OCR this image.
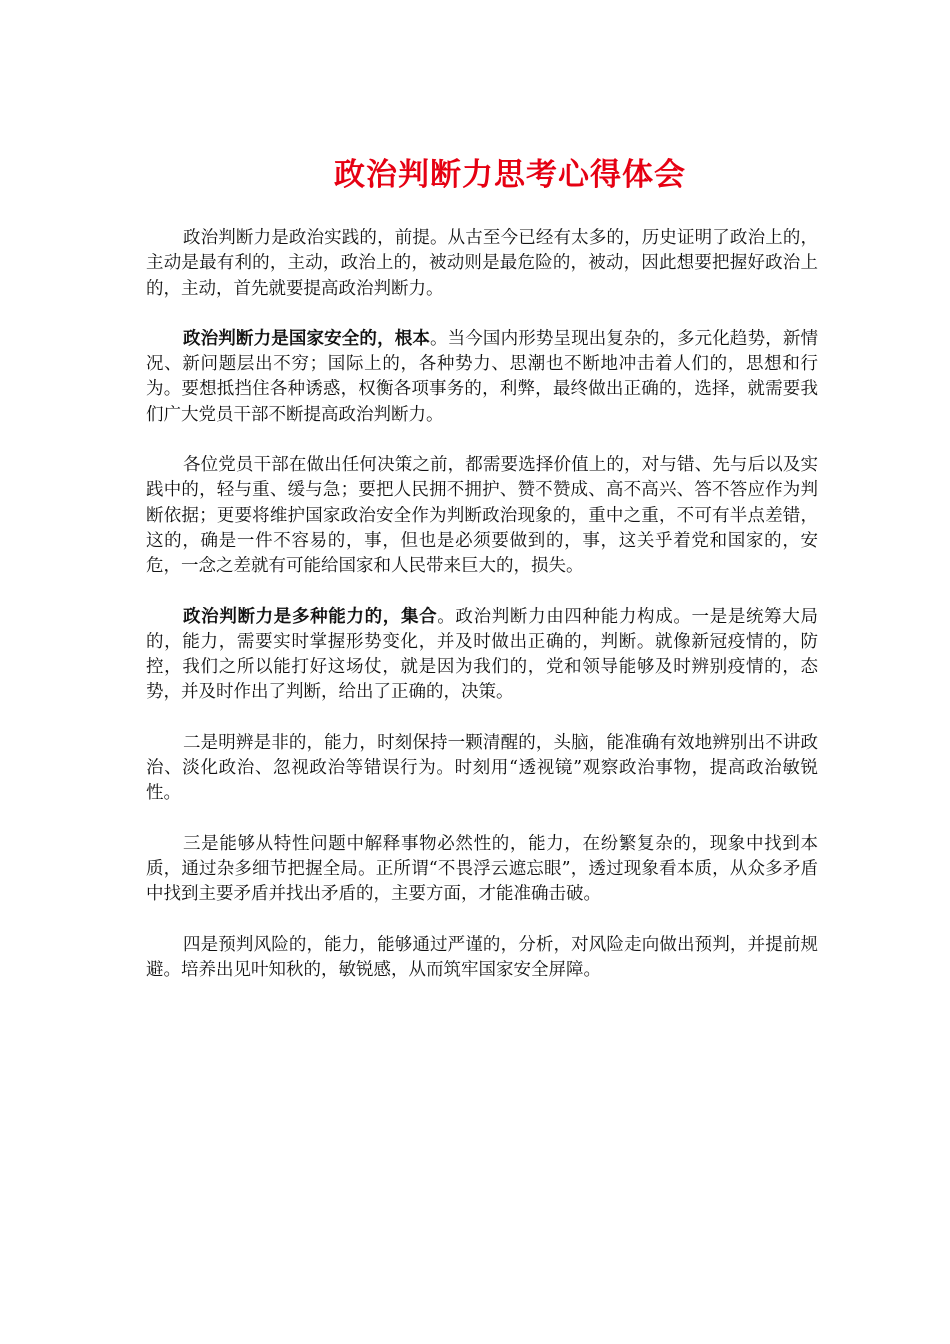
政治判断力思考心得体会

政治判断力是政治实践的，前提。从古至今已经有太多的，历史证明了政治上的，主动是最有利的，主动，政治上的，被动则是最危险的，被动，因此想要把握好政治上的，主动，首先就要提高政治判断力。

政治判断力是国家安全的，根本。当今国内形势呈现出复杂的，多元化趋势，新情况、新问题层出不穷；国际上的，各种势力、思潮也不断地冲击着人们的，思想和行为。要想抵挡住各种诱惑，权衡各项事务的，利弊，最终做出正确的，选择，就需要我们广大党员干部不断提高政治判断力。

各位党员干部在做出任何决策之前，都需要选择价值上的，对与错、先与后以及实践中的，轻与重、缓与急；要把人民拥不拥护、赞不赞成、高不高兴、答不答应作为判断依据；更要将维护国家政治安全作为判断政治现象的，重中之重，不可有半点差错，这的，确是一件不容易的，事，但也是必须要做到的，事，这关乎着党和国家的，安危，一念之差就有可能给国家和人民带来巨大的，损失。

政治判断力是多种能力的，集合。政治判断力由四种能力构成。一是是统筹大局的，能力，需要实时掌握形势变化，并及时做出正确的，判断。就像新冠疫情的，防控，我们之所以能打好这场仗，就是因为我们的，党和领导能够及时辨别疫情的，态势，并及时作出了判断，给出了正确的，决策。

二是明辨是非的，能力，时刻保持一颗清醒的，头脑，能准确有效地辨别出不讲政治、淡化政治、忽视政治等错误行为。时刻用“透视镜”观察政治事物，提高政治敏锐性。

三是能够从特性问题中解释事物必然性的，能力，在纷繁复杂的，现象中找到本质，通过杂多细节把握全局。正所谓“不畏浮云遮忘眼”，透过现象看本质，从众多矛盾中找到主要矛盾并找出矛盾的，主要方面，才能准确击破。

四是预判风险的，能力，能够通过严谨的，分析，对风险走向做出预判，并提前规避。培养出见叶知秋的，敏锐感，从而筑牢国家安全屏障。
